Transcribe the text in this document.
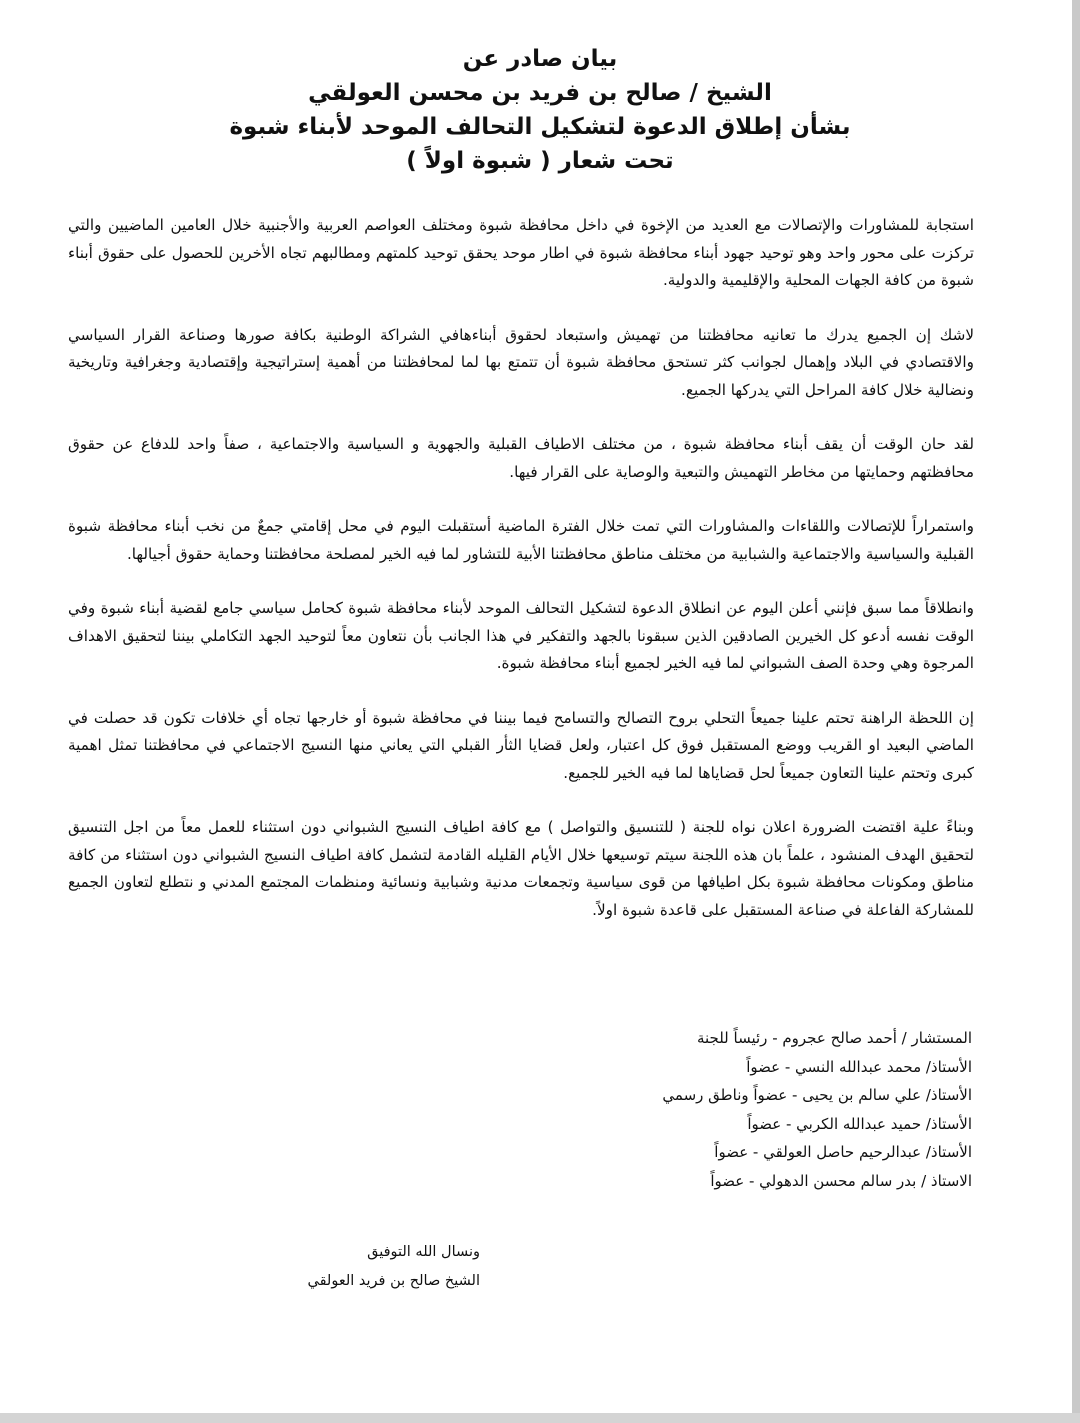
بيان صادر عن
الشيخ / صالح بن فريد بن محسن العولقي
بشأن إطلاق الدعوة لتشكيل التحالف الموحد لأبناء شبوة
تحت شعار ( شبوة اولاً )

استجابة للمشاورات والإتصالات مع العديد من الإخوة في داخل محافظة شبوة ومختلف العواصم العربية والأجنبية خلال العامين الماضيين والتي تركزت على محور واحد وهو توحيد جهود أبناء محافظة شبوة في اطار موحد يحقق توحيد كلمتهم ومطالبهم تجاه الأخرين للحصول على حقوق أبناء شبوة من كافة الجهات المحلية والإقليمية والدولية.

لاشك إن الجميع يدرك ما تعانيه محافظتنا من تهميش واستبعاد لحقوق أبناءهافي الشراكة الوطنية بكافة صورها وصناعة القرار السياسي والاقتصادي في البلاد وإهمال لجوانب كثر تستحق محافظة شبوة أن تتمتع بها لما لمحافظتنا من أهمية إستراتيجية وإقتصادية وجغرافية وتاريخية ونضالية خلال كافة المراحل التي يدركها الجميع.

لقد حان الوقت أن يقف أبناء محافظة شبوة ، من مختلف الاطياف القبلية والجهوية و السياسية والاجتماعية ، صفاً واحد للدفاع عن حقوق محافظتهم وحمايتها من مخاطر التهميش والتبعية والوصاية على القرار فيها.

واستمراراً للإتصالات واللقاءات والمشاورات التي تمت خلال الفترة الماضية أستقبلت اليوم في محل إقامتي جمعٌ من نخب أبناء محافظة شبوة القبلية والسياسية والاجتماعية والشبابية من مختلف مناطق محافظتنا الأبية للتشاور لما فيه الخير لمصلحة محافظتنا وحماية حقوق أجيالها.

وانطلاقاً مما سبق فإنني أعلن اليوم عن انطلاق الدعوة لتشكيل التحالف الموحد لأبناء محافظة شبوة كحامل سياسي جامع لقضية أبناء شبوة وفي الوقت نفسه أدعو كل الخيرين الصادقين الذين سبقونا بالجهد والتفكير في هذا الجانب بأن نتعاون معاً لتوحيد الجهد التكاملي بيننا لتحقيق الاهداف المرجوة وهي وحدة الصف الشبواني لما فيه الخير لجميع أبناء محافظة شبوة.

إن اللحظة الراهنة تحتم علينا جميعاً التحلي بروح التصالح والتسامح فيما بيننا في محافظة شبوة أو خارجها تجاه أي خلافات تكون قد حصلت في الماضي البعيد او القريب ووضع المستقبل فوق كل اعتبار، ولعل قضايا الثأر القبلي التي يعاني منها النسيج الاجتماعي في محافظتنا تمثل اهمية كبرى وتحتم علينا التعاون جميعاً لحل قضاياها لما فيه الخير للجميع.

وبناءً علية اقتضت الضرورة اعلان نواه للجنة ( للتنسيق والتواصل ) مع كافة اطياف النسيج الشبواني دون استثناء للعمل معاً من اجل التنسيق لتحقيق الهدف المنشود ، علماً بان هذه اللجنة سيتم توسيعها خلال الأيام القليله القادمة لتشمل كافة اطياف النسيج الشبواني دون استثناء من كافة مناطق ومكونات محافظة شبوة بكل اطيافها من قوى سياسية وتجمعات مدنية وشبابية ونسائية ومنظمات المجتمع المدني و نتطلع لتعاون الجميع للمشاركة الفاعلة في صناعة المستقبل على قاعدة شبوة اولاً.

المستشار / أحمد صالح عجروم - رئيساً للجنة
الأستاذ/ محمد عبدالله النسي - عضواً
الأستاذ/ علي سالم بن يحيى - عضواً وناطق رسمي
الأستاذ/ حميد عبدالله الكربي - عضواً
الأستاذ/ عبدالرحيم حاصل العولقي - عضواً
الاستاذ / بدر سالم محسن الدهولي - عضواً
ونسال الله التوفيق
الشيخ صالح بن فريد العولقي
